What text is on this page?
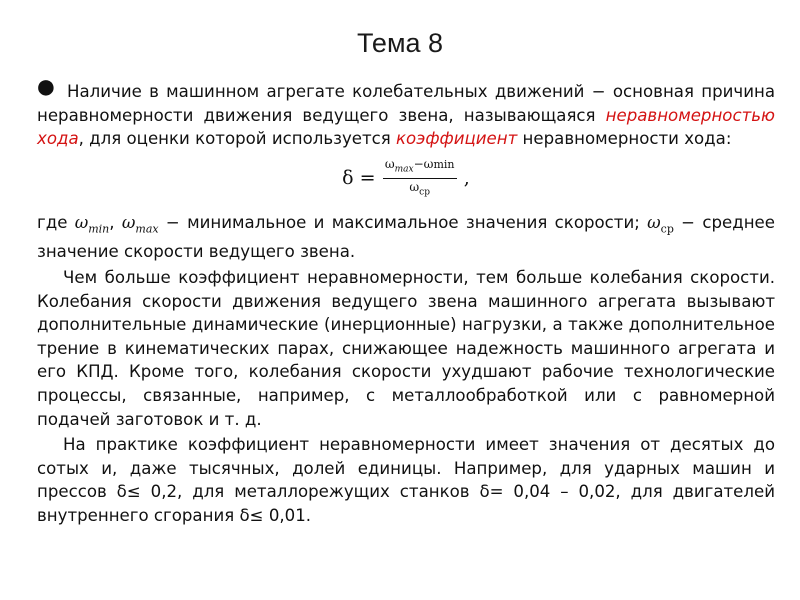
Тема 8
● Наличие в машинном агрегате колебательных движений − основная причина неравномерности движения ведущего звена, называющаяся неравномерностью хода, для оценки которой используется коэффициент неравномерности хода:

$\delta = \frac{\omega_{max}-\omega\min}{\omega_{ср}}$ ,

где $\omega_{min}$, $\omega_{max}$ − минимальное и максимальное значения скорости; $\omega_{ср}$ − среднее значение скорости ведущего звена.

Чем больше коэффициент неравномерности, тем больше колебания скорости. Колебания скорости движения ведущего звена машинного агрегата вызывают дополнительные динамические (инерционные) нагрузки, а также дополнительное трение в кинематических парах, снижающее надежность машинного агрегата и его КПД. Кроме того, колебания скорости ухудшают рабочие технологические процессы, связанные, например, с металлообработкой или с равномерной подачей заготовок и т. д.

На практике коэффициент неравномерности имеет значения от десятых до сотых и, даже тысячных, долей единицы. Например, для ударных машин и прессов δ≤ 0,2, для металлорежущих станков δ= 0,04 – 0,02, для двигателей внутреннего сгорания δ≤ 0,01.
